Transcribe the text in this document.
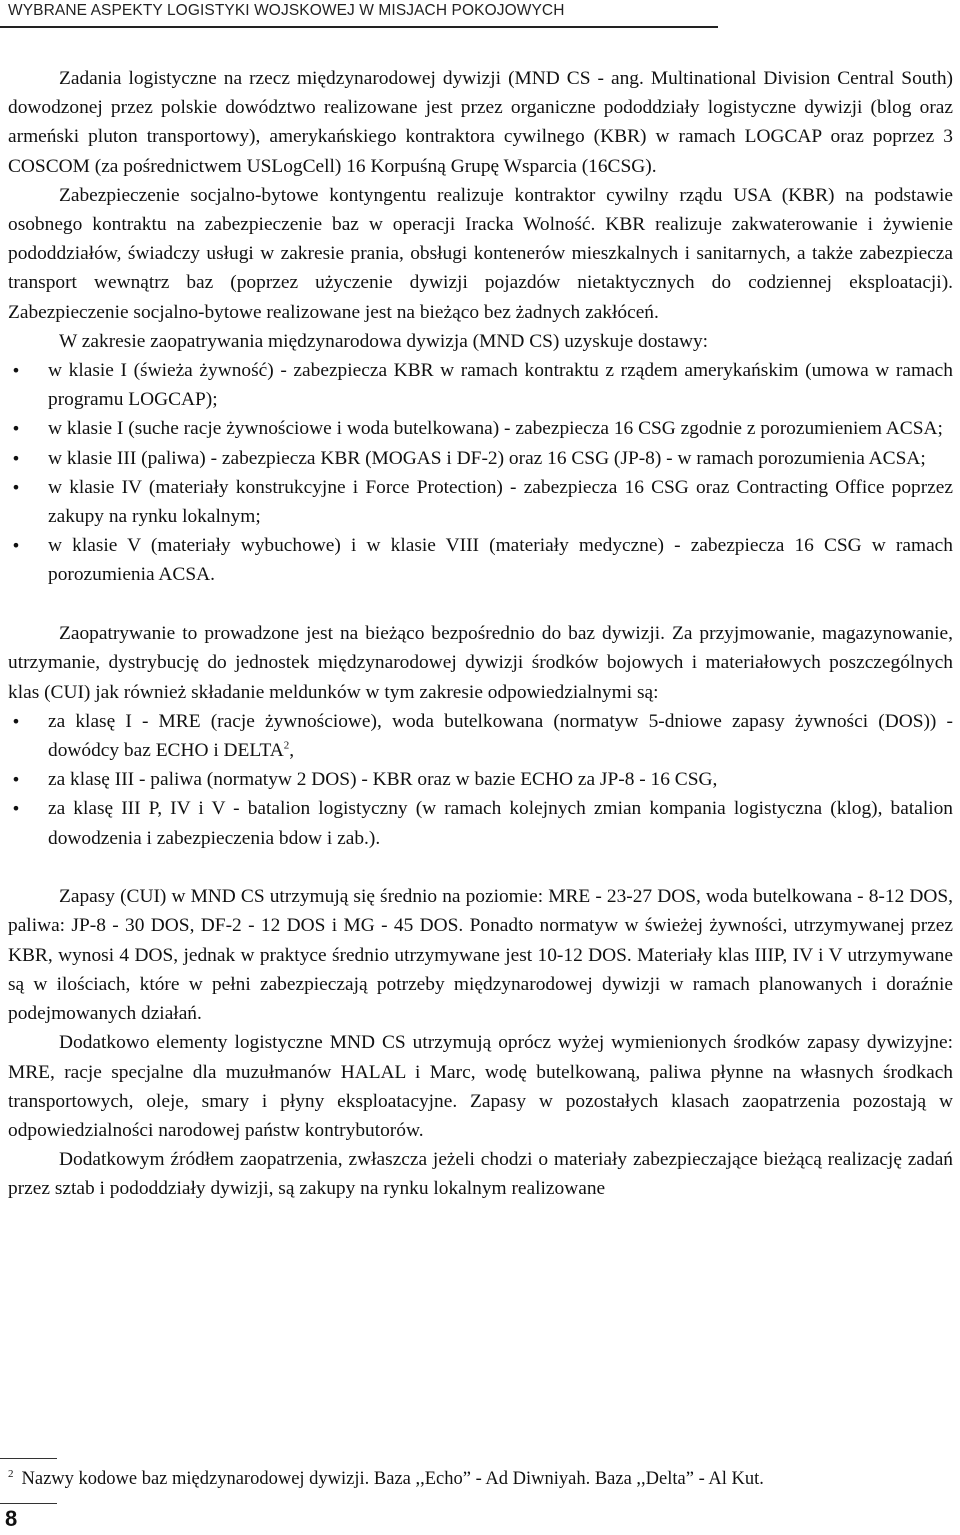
WYBRANE ASPEKTY LOGISTYKI WOJSKOWEJ W MISJACH POKOJOWYCH

Zadania logistyczne na rzecz międzynarodowej dywizji (MND CS - ang. Multinational Division Central South) dowodzonej przez polskie dowództwo realizowane jest przez organiczne pododdziały logistyczne dywizji (blog oraz armeński pluton transportowy), amerykańskiego kontraktora cywilnego (KBR) w ramach LOGCAP oraz poprzez 3 COSCOM (za pośrednictwem USLogCell) 16 Korpuśną Grupę Wsparcia (16CSG).

Zabezpieczenie socjalno-bytowe kontyngentu realizuje kontraktor cywilny rządu USA (KBR) na podstawie osobnego kontraktu na zabezpieczenie baz w operacji Iracka Wolność. KBR realizuje zakwaterowanie i żywienie pododdziałów, świadczy usługi w zakresie prania, obsługi kontenerów mieszkalnych i sanitarnych, a także zabezpiecza transport wewnątrz baz (poprzez użyczenie dywizji pojazdów nietaktycznych do codziennej eksploatacji). Zabezpieczenie socjalno-bytowe realizowane jest na bieżąco bez żadnych zakłóceń.

W zakresie zaopatrywania międzynarodowa dywizja (MND CS) uzyskuje dostawy:

• w klasie I (świeża żywność) - zabezpiecza KBR w ramach kontraktu z rządem amerykańskim (umowa w ramach programu LOGCAP);
• w klasie I (suche racje żywnościowe i woda butelkowana) - zabezpiecza 16 CSG zgodnie z porozumieniem ACSA;
• w klasie III (paliwa) - zabezpiecza KBR (MOGAS i DF-2) oraz 16 CSG (JP-8) - w ramach porozumienia ACSA;
• w klasie IV (materiały konstrukcyjne i Force Protection) - zabezpiecza 16 CSG oraz Contracting Office poprzez zakupy na rynku lokalnym;
• w klasie V (materiały wybuchowe) i w klasie VIII (materiały medyczne) - zabezpiecza 16 CSG w ramach porozumienia ACSA.

Zaopatrywanie to prowadzone jest na bieżąco bezpośrednio do baz dywizji. Za przyjmowanie, magazynowanie, utrzymanie, dystrybucję do jednostek międzynarodowej dywizji środków bojowych i materiałowych poszczególnych klas (CUI) jak również składanie meldunków w tym zakresie odpowiedzialnymi są:

• za klasę I - MRE (racje żywnościowe), woda butelkowana (normatyw 5-dniowe zapasy żywności (DOS)) - dowódcy baz ECHO i DELTA$^2$,
• za klasę III - paliwa (normatyw 2 DOS) - KBR oraz w bazie ECHO za JP-8 - 16 CSG,
• za klasę III P, IV i V - batalion logistyczny (w ramach kolejnych zmian kompania logistyczna (klog), batalion dowodzenia i zabezpieczenia bdow i zab.).

Zapasy (CUI) w MND CS utrzymują się średnio na poziomie: MRE - 23-27 DOS, woda butelkowana - 8-12 DOS, paliwa: JP-8 - 30 DOS, DF-2 - 12 DOS i MG - 45 DOS. Ponadto normatyw w świeżej żywności, utrzymywanej przez KBR, wynosi 4 DOS, jednak w praktyce średnio utrzymywane jest 10-12 DOS. Materiały klas IIIP, IV i V utrzymywane są w ilościach, które w pełni zabezpieczają potrzeby międzynarodowej dywizji w ramach planowanych i doraźnie podejmowanych działań.

Dodatkowo elementy logistyczne MND CS utrzymują oprócz wyżej wymienionych środków zapasy dywizyjne: MRE, racje specjalne dla muzułmanów HALAL i Marc, wodę butelkowaną, paliwa płynne na własnych środkach transportowych, oleje, smary i płyny eksploatacyjne. Zapasy w pozostałych klasach zaopatrzenia pozostają w odpowiedzialności narodowej państw kontrybutorów.

Dodatkowym źródłem zaopatrzenia, zwłaszcza jeżeli chodzi o materiały zabezpieczające bieżącą realizację zadań przez sztab i pododdziały dywizji, są zakupy na rynku lokalnym realizowane

$^2$ Nazwy kodowe baz międzynarodowej dywizji. Baza ,,Echo” - Ad Diwniyah. Baza ,,Delta” - Al Kut.
8
